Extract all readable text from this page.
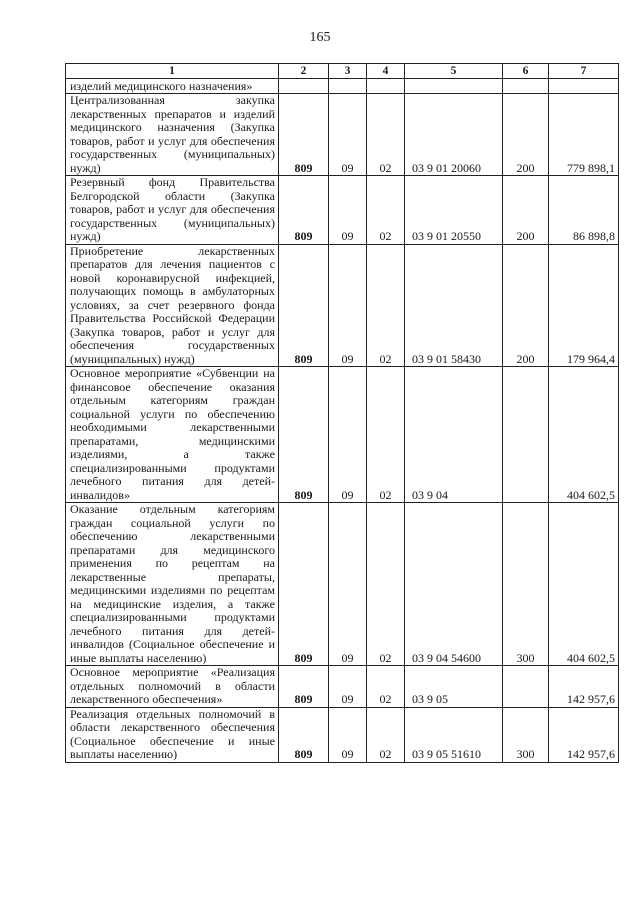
165
1	2	3	4	5	6	7
изделий медицинского назначения»						
Централизованная закупка лекарственных препаратов и изделий медицинского назначения (Закупка товаров, работ и услуг для обеспечения государственных (муниципальных) нужд)	809	09	02	03 9 01 20060	200	779 898,1
Резервный фонд Правительства Белгородской области (Закупка товаров, работ и услуг для обеспечения государственных (муниципальных) нужд)	809	09	02	03 9 01 20550	200	86 898,8
Приобретение лекарственных препаратов для лечения пациентов с новой коронавирусной инфекцией, получающих помощь в амбулаторных условиях, за счет резервного фонда Правительства Российской Федерации (Закупка товаров, работ и услуг для обеспечения государственных (муниципальных) нужд)	809	09	02	03 9 01 58430	200	179 964,4
Основное мероприятие «Субвенции на финансовое обеспечение оказания отдельным категориям граждан социальной услуги по обеспечению необходимыми лекарственными препаратами, медицинскими изделиями, а также специализированными продуктами лечебного питания для детей-инвалидов»	809	09	02	03 9 04		404 602,5
Оказание отдельным категориям граждан социальной услуги по обеспечению лекарственными препаратами для медицинского применения по рецептам на лекарственные препараты, медицинскими изделиями по рецептам на медицинские изделия, а также специализированными продуктами лечебного питания для детей-инвалидов (Социальное обеспечение и иные выплаты населению)	809	09	02	03 9 04 54600	300	404 602,5
Основное мероприятие «Реализация отдельных полномочий в области лекарственного обеспечения»	809	09	02	03 9 05		142 957,6
Реализация отдельных полномочий в области лекарственного обеспечения (Социальное обеспечение и иные выплаты населению)	809	09	02	03 9 05 51610	300	142 957,6
